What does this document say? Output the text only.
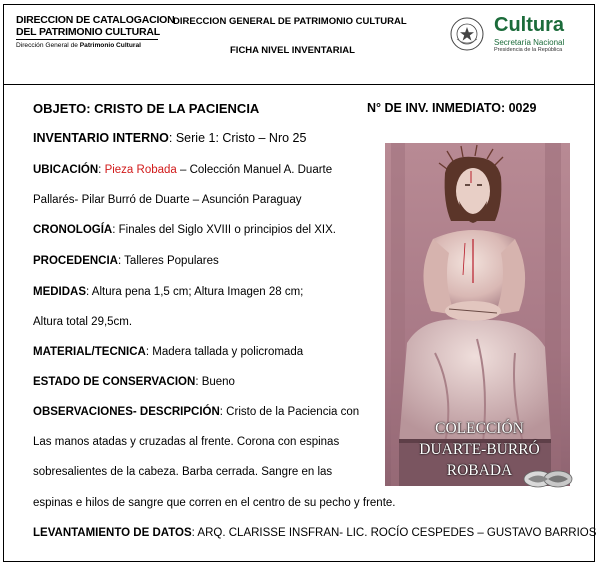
DIRECCION DE CATALOGACION
DEL PATRIMONIO CULTURAL
Dirección General de Patrimonio Cultural
DIRECCION GENERAL DE PATRIMONIO CULTURAL
FICHA NIVEL INVENTARIAL
Cultura
Secretaría Nacional
Presidencia de la República
OBJETO: CRISTO DE LA PACIENCIA	N° DE INV. INMEDIATO: 0029
INVENTARIO INTERNO: Serie 1: Cristo – Nro 25
UBICACIÓN: Pieza Robada – Colección Manuel A. Duarte
Pallarés- Pilar Burró de Duarte – Asunción Paraguay
CRONOLOGÍA: Finales del Siglo XVIII o principios del XIX.
PROCEDENCIA: Talleres Populares
MEDIDAS: Altura pena 1,5 cm; Altura Imagen 28 cm;
Altura total 29,5cm.
MATERIAL/TECNICA: Madera tallada y policromada
ESTADO DE CONSERVACION: Bueno
OBSERVACIONES- DESCRIPCIÓN: Cristo de la Paciencia con
Las manos atadas y cruzadas al frente. Corona con espinas
sobresalientes de la cabeza. Barba cerrada. Sangre en las
espinas e hilos de sangre que corren en el centro de su pecho y frente.
LEVANTAMIENTO DE DATOS: ARQ. CLARISSE INSFRAN- LIC. ROCÍO CESPEDES – GUSTAVO BARRIOS
COLECCIÓN
DUARTE-BURRÓ
ROBADA
